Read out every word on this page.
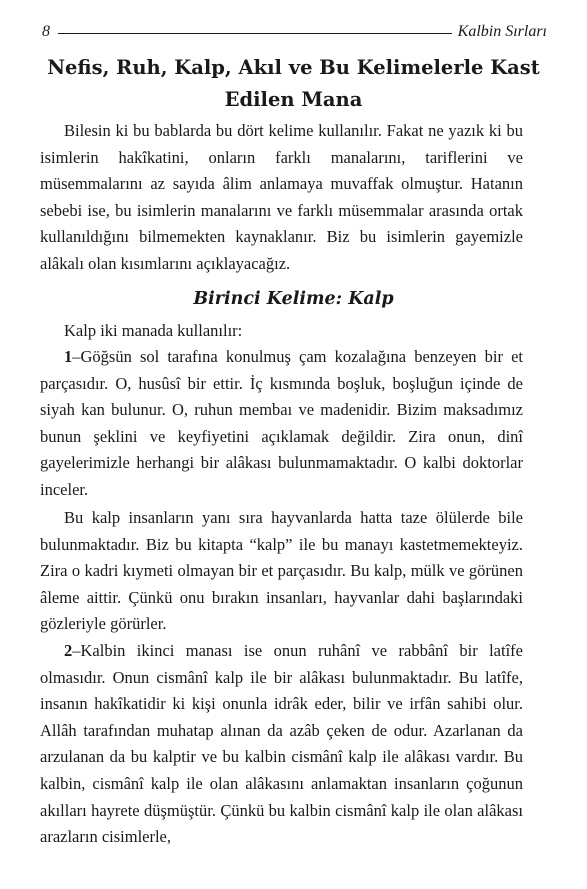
8	Kalbin Sırları
Nefis, Ruh, Kalp, Akıl ve Bu Kelimelerle Kast
Edilen Mana

Bilesin ki bu bablarda bu dört kelime kullanılır. Fakat ne yazık ki bu isimlerin hakîkatini, onların farklı manalarını, tariflerini ve müsemmalarını az sayıda âlim anlamaya muvaffak olmuştur. Hatanın sebebi ise, bu isimlerin manalarını ve farklı müsemmalar arasında ortak kullanıldığını bilmemekten kaynaklanır. Biz bu isimlerin gayemizle alâkalı olan kısımlarını açıklayacağız.

Birinci Kelime: Kalp

Kalp iki manada kullanılır:

1–Göğsün sol tarafına konulmuş çam kozalağına benzeyen bir et parçasıdır. O, husûsî bir ettir. İç kısmında boşluk, boşluğun içinde de siyah kan bulunur. O, ruhun membaı ve madenidir. Bizim maksadımız bunun şeklini ve keyfiyetini açıklamak değildir. Zira onun, dinî gayelerimizle herhangi bir alâkası bulunmamaktadır. O kalbi doktorlar inceler.

Bu kalp insanların yanı sıra hayvanlarda hatta taze ölülerde bile bulunmaktadır. Biz bu kitapta “kalp” ile bu manayı kastetmemekteyiz. Zira o kadri kıymeti olmayan bir et parçasıdır. Bu kalp, mülk ve görünen âleme aittir. Çünkü onu bırakın insanları, hayvanlar dahi başlarındaki gözleriyle görürler.

2–Kalbin ikinci manası ise onun ruhânî ve rabbânî bir latîfe olmasıdır. Onun cismânî kalp ile bir alâkası bulunmaktadır. Bu latîfe, insanın hakîkatidir ki kişi onunla idrâk eder, bilir ve irfân sahibi olur. Allâh tarafından muhatap alınan da azâb çeken de odur. Azarlanan da arzulanan da bu kalptir ve bu kalbin cismânî kalp ile alâkası vardır. Bu kalbin, cismânî kalp ile olan alâkasını anlamaktan insanların çoğunun akılları hayrete düşmüştür. Çünkü bu kalbin cismânî kalp ile olan alâkası arazların cisimlerle,
